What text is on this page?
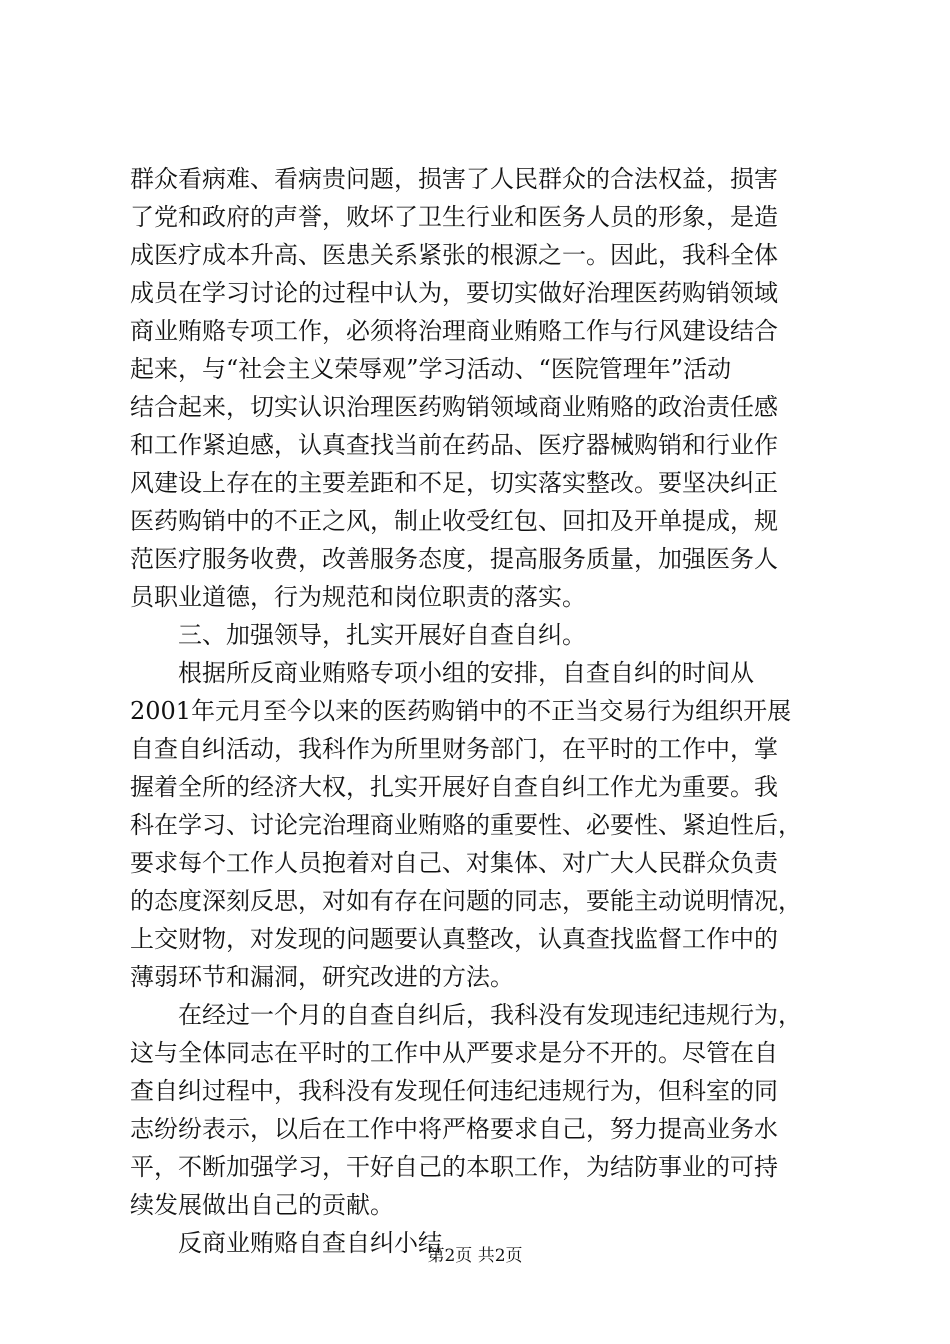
群众看病难、看病贵问题，损害了人民群众的合法权益，损害
了党和政府的声誉，败坏了卫生行业和医务人员的形象，是造
成医疗成本升高、医患关系紧张的根源之一。因此，我科全体
成员在学习讨论的过程中认为，要切实做好治理医药购销领域
商业贿赂专项工作，必须将治理商业贿赂工作与行风建设结合
起来，与“社会主义荣辱观”学习活动、“医院管理年”活动
结合起来，切实认识治理医药购销领域商业贿赂的政治责任感
和工作紧迫感，认真查找当前在药品、医疗器械购销和行业作
风建设上存在的主要差距和不足，切实落实整改。要坚决纠正
医药购销中的不正之风，制止收受红包、回扣及开单提成，规
范医疗服务收费，改善服务态度，提高服务质量，加强医务人
员职业道德，行为规范和岗位职责的落实。
三、加强领导，扎实开展好自查自纠。
根据所反商业贿赂专项小组的安排，自查自纠的时间从
2001年元月至今以来的医药购销中的不正当交易行为组织开展
自查自纠活动，我科作为所里财务部门，在平时的工作中，掌
握着全所的经济大权，扎实开展好自查自纠工作尤为重要。我
科在学习、讨论完治理商业贿赂的重要性、必要性、紧迫性后，
要求每个工作人员抱着对自己、对集体、对广大人民群众负责
的态度深刻反思，对如有存在问题的同志，要能主动说明情况，
上交财物，对发现的问题要认真整改，认真查找监督工作中的
薄弱环节和漏洞，研究改进的方法。
在经过一个月的自查自纠后，我科没有发现违纪违规行为，
这与全体同志在平时的工作中从严要求是分不开的。尽管在自
查自纠过程中，我科没有发现任何违纪违规行为，但科室的同
志纷纷表示，以后在工作中将严格要求自己，努力提高业务水
平，不断加强学习，干好自己的本职工作，为结防事业的可持
续发展做出自己的贡献。
反商业贿赂自查自纠小结
第2页 共2页
